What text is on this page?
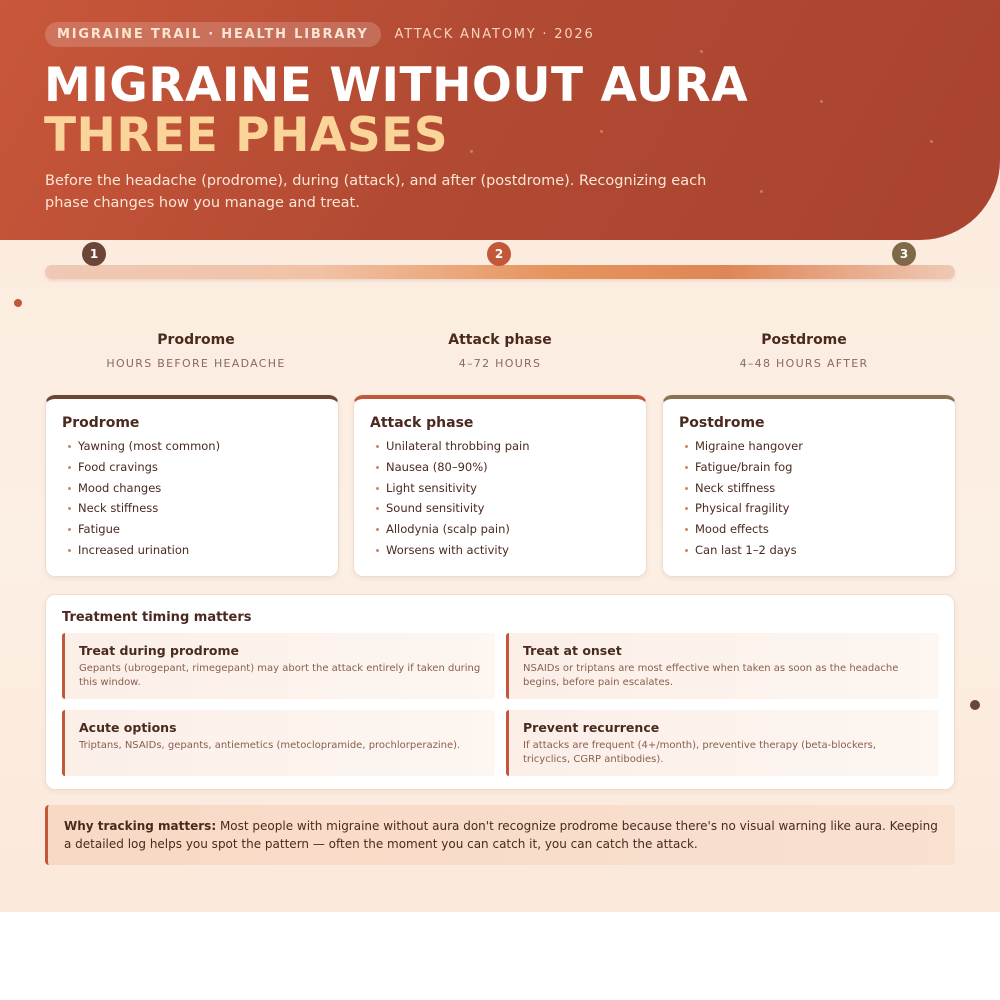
MIGRAINE TRAIL · HEALTH LIBRARY	ATTACK ANATOMY · 2026
MIGRAINE WITHOUT AURA
THREE PHASES
Before the headache (prodrome), during (attack), and after (postdrome). Recognizing each phase changes how you manage and treat.
1	2	3
Prodrome
HOURS BEFORE HEADACHE
Attack phase
4–72 HOURS
Postdrome
4–48 HOURS AFTER
Prodrome
Yawning (most common)
Food cravings
Mood changes
Neck stiffness
Fatigue
Increased urination
Attack phase
Unilateral throbbing pain
Nausea (80–90%)
Light sensitivity
Sound sensitivity
Allodynia (scalp pain)
Worsens with activity
Postdrome
Migraine hangover
Fatigue/brain fog
Neck stiffness
Physical fragility
Mood effects
Can last 1–2 days
Treatment timing matters
Treat during prodrome
Gepants (ubrogepant, rimegepant) may abort the attack entirely if taken during this window.
Treat at onset
NSAIDs or triptans are most effective when taken as soon as the headache begins, before pain escalates.
Acute options
Triptans, NSAIDs, gepants, antiemetics (metoclopramide, prochlorperazine).
Prevent recurrence
If attacks are frequent (4+/month), preventive therapy (beta-blockers, tricyclics, CGRP antibodies).
Why tracking matters: Most people with migraine without aura don't recognize prodrome because there's no visual warning like aura. Keeping a detailed log helps you spot the pattern — often the moment you can catch it, you can catch the attack.
